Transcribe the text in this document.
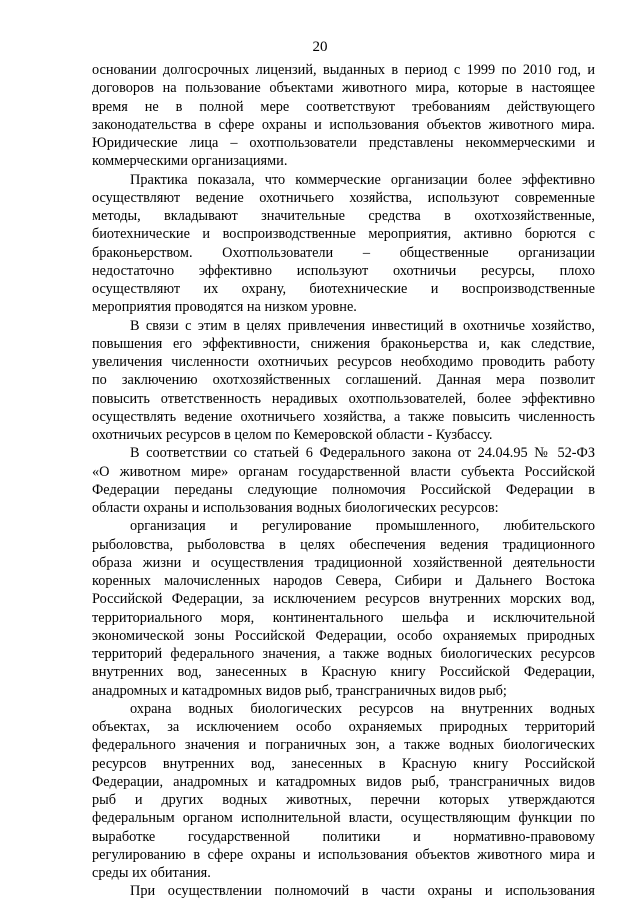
20
основании долгосрочных лицензий, выданных в период с 1999 по 2010 год, и
договоров на пользование объектами животного мира, которые в настоящее
время не в полной мере соответствуют требованиям действующего
законодательства в сфере охраны и использования объектов животного мира.
Юридические лица – охотпользователи представлены некоммерческими и
коммерческими организациями.
Практика показала, что коммерческие организации более эффективно
осуществляют ведение охотничьего хозяйства, используют современные
методы, вкладывают значительные средства в охотхозяйственные,
биотехнические и воспроизводственные мероприятия, активно борются с
браконьерством. Охотпользователи – общественные организации
недостаточно эффективно используют охотничьи ресурсы, плохо
осуществляют их охрану, биотехнические и воспроизводственные
мероприятия проводятся на низком уровне.
В связи с этим в целях привлечения инвестиций в охотничье хозяйство,
повышения его эффективности, снижения браконьерства и, как следствие,
увеличения численности охотничьих ресурсов необходимо проводить работу
по заключению охотхозяйственных соглашений. Данная мера позволит
повысить ответственность нерадивых охотпользователей, более эффективно
осуществлять ведение охотничьего хозяйства, а также повысить численность
охотничьих ресурсов в целом по Кемеровской области - Кузбассу.
В соответствии со статьей 6 Федерального закона от 24.04.95 № 52-ФЗ
«О животном мире» органам государственной власти субъекта Российской
Федерации переданы следующие полномочия Российской Федерации в
области охраны и использования водных биологических ресурсов:
организация и регулирование промышленного, любительского
рыболовства, рыболовства в целях обеспечения ведения традиционного
образа жизни и осуществления традиционной хозяйственной деятельности
коренных малочисленных народов Севера, Сибири и Дальнего Востока
Российской Федерации, за исключением ресурсов внутренних морских вод,
территориального моря, континентального шельфа и исключительной
экономической зоны Российской Федерации, особо охраняемых природных
территорий федерального значения, а также водных биологических ресурсов
внутренних вод, занесенных в Красную книгу Российской Федерации,
анадромных и катадромных видов рыб, трансграничных видов рыб;
охрана водных биологических ресурсов на внутренних водных
объектах, за исключением особо охраняемых природных территорий
федерального значения и пограничных зон, а также водных биологических
ресурсов внутренних вод, занесенных в Красную книгу Российской
Федерации, анадромных и катадромных видов рыб, трансграничных видов
рыб и других водных животных, перечни которых утверждаются
федеральным органом исполнительной власти, осуществляющим функции по
выработке государственной политики и нормативно-правовому
регулированию в сфере охраны и использования объектов животного мира и
среды их обитания.
При осуществлении полномочий в части охраны и использования
